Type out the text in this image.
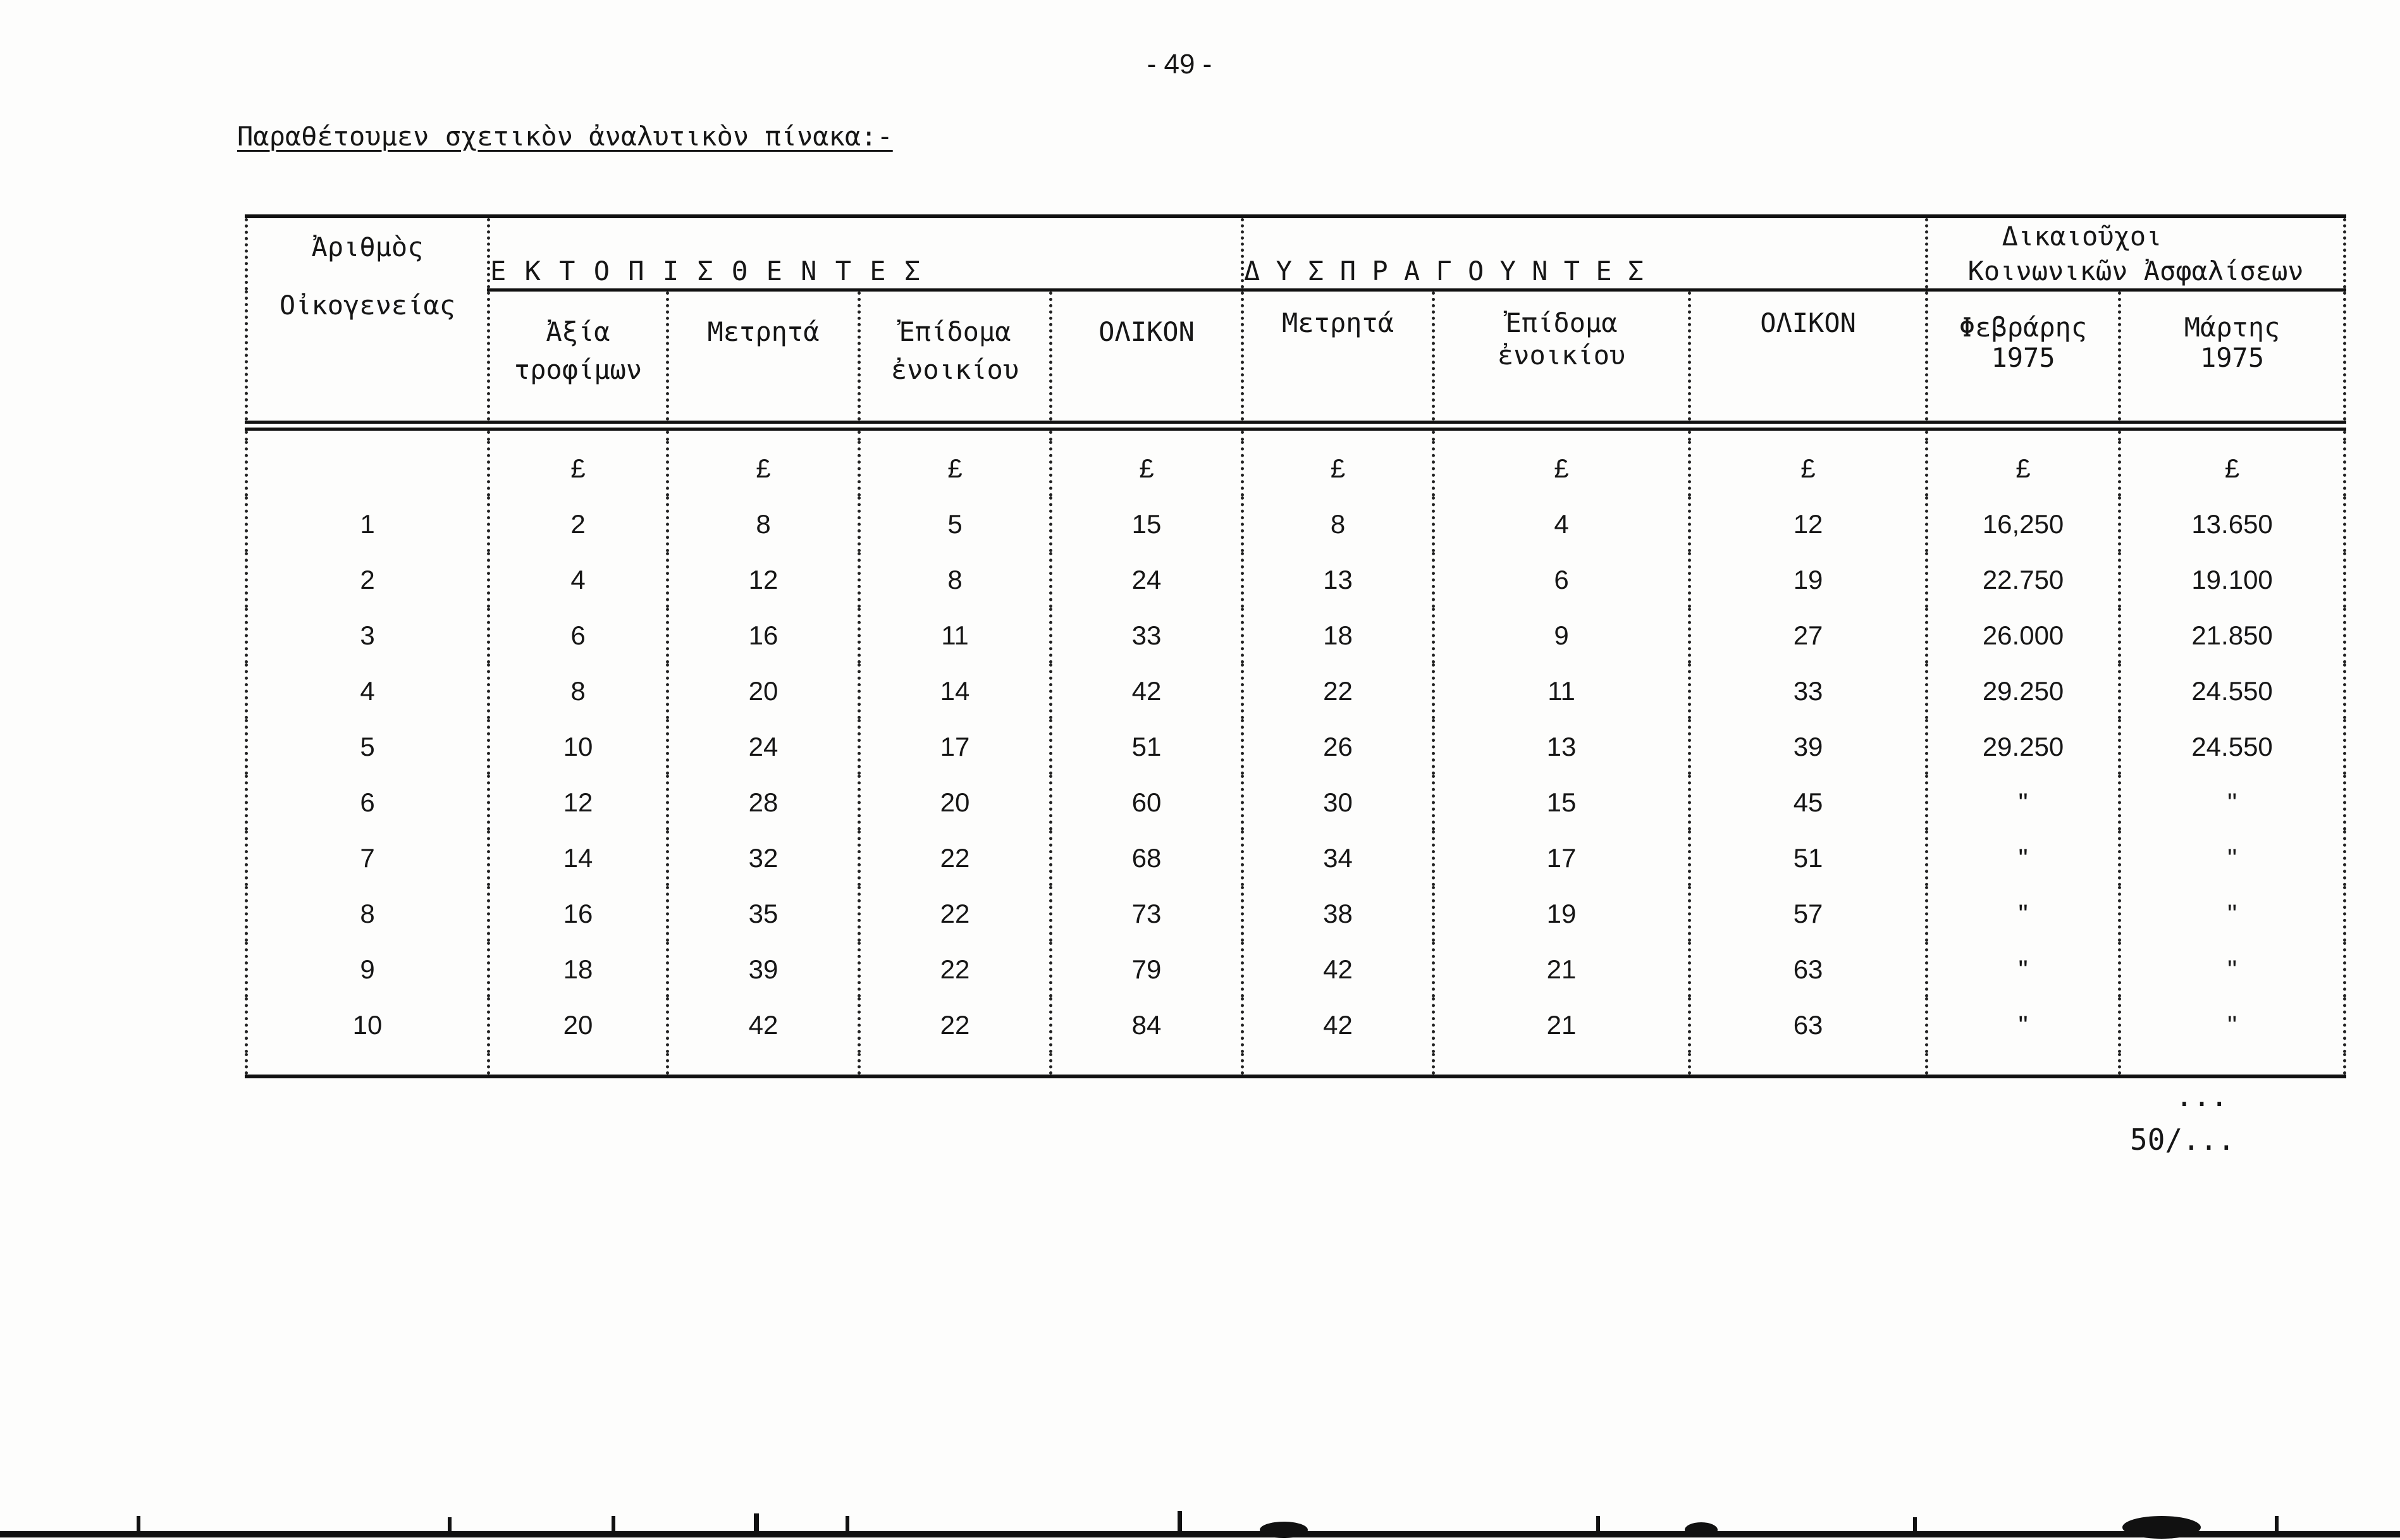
- 49 -
Παραθέτουμεν σχετικὸν ἀναλυτικὸν πίνακα:-
Ἀριθμὸς
Οἰκογενείας	Ε Κ Τ Ο Π Ι Σ Θ Ε Ν Τ Ε Σ				Δ Υ Σ Π Ρ Α Γ Ο Υ Ν Τ Ε Σ			Δικαιοῦχοι
Κοινωνικῶν Ἀσφαλίσεων	

	Ἀξία
τροφίμων	Μετρητά	Ἐπίδομα
ἐνοικίου	ΟΛΙΚΟΝ	Μετρητά	Ἐπίδομα
ἐνοικίου	ΟΛΙΚΟΝ	Φεβράρης
1975	Μάρτης
1975

	£	£	£	£	£	£	£	£	£
1	2	8	5	15	8	4	12	16,250	13.650
2	4	12	8	24	13	6	19	22.750	19.100
3	6	16	11	33	18	9	27	26.000	21.850
4	8	20	14	42	22	11	33	29.250	24.550
5	10	24	17	51	26	13	39	29.250	24.550
6	12	28	20	60	30	15	45	"	"
7	14	32	22	68	34	17	51	"	"
8	16	35	22	73	38	19	57	"	"
9	18	39	22	79	42	21	63	"	"
10	20	42	22	84	42	21	63	"	"

...
50/...
